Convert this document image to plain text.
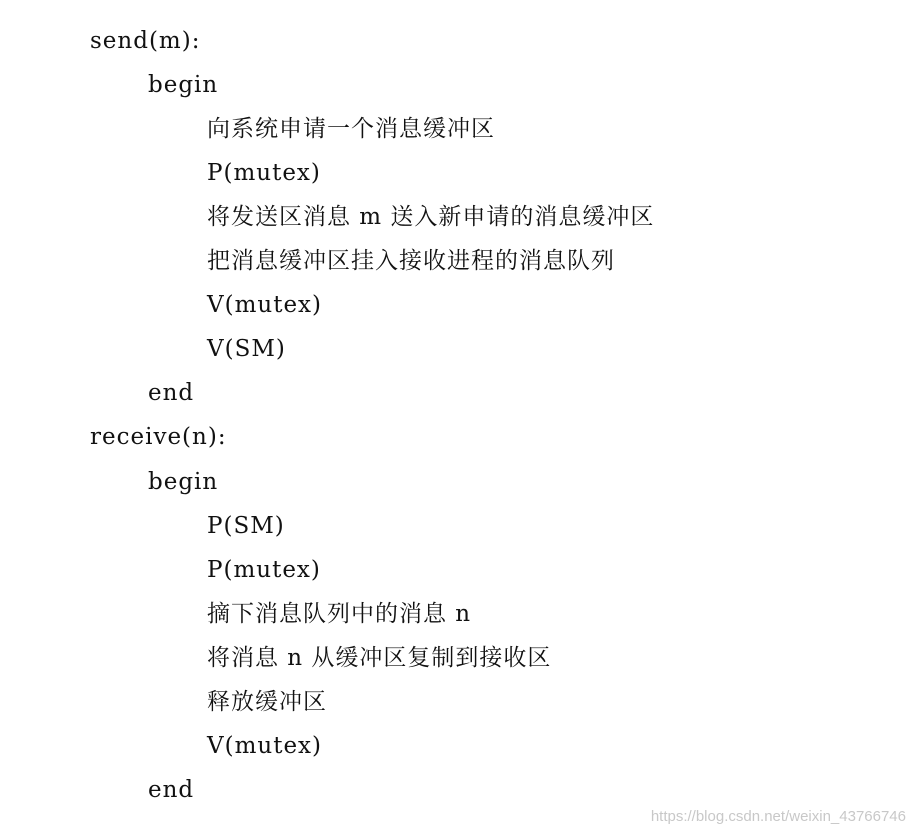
send(m):
begin
向系统申请一个消息缓冲区
P(mutex)
将发送区消息 m 送入新申请的消息缓冲区
把消息缓冲区挂入接收进程的消息队列
V(mutex)
V(SM)
end
receive(n):
begin
P(SM)
P(mutex)
摘下消息队列中的消息 n
将消息 n 从缓冲区复制到接收区
释放缓冲区
V(mutex)
end
https://blog.csdn.net/weixin_43766746
